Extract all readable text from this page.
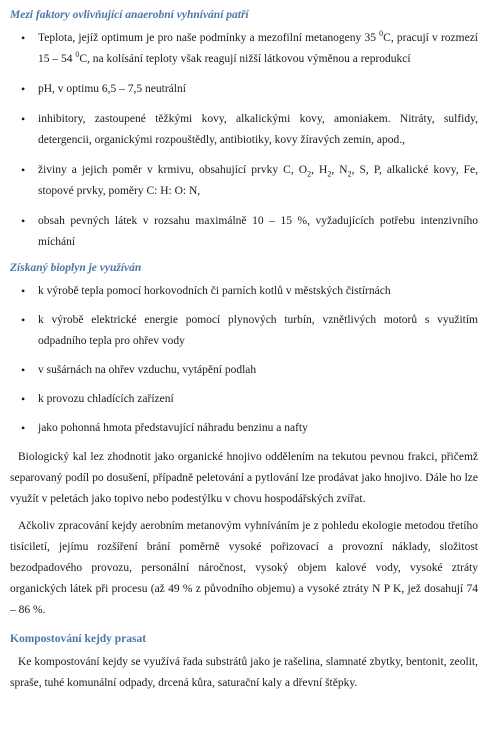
Mezi faktory ovlivňující anaerobní vyhnívání patří
• Teplota, jejíž optimum je pro naše podmínky a mezofilní metanogeny 35 $^0$C, pracují v rozmezí 15 – 54 $^0$C, na kolísání teploty však reagují nižší látkovou výměnou a reprodukcí
• pH, v optimu 6,5 – 7,5 neutrální
• inhibitory, zastoupené těžkými kovy, alkalickými kovy, amoniakem. Nitráty, sulfidy, detergencii, organickými rozpouštědly, antibiotiky, kovy žíravých zemin, apod.,
• živiny a jejich poměr v krmivu, obsahující prvky C, $O_2$, $H_2$, $N_2$, S, P, alkalické kovy, Fe, stopové prvky, poměry C: H: O: N,
• obsah pevných látek v rozsahu maximálně 10 – 15 %, vyžadujících potřebu intenzivního míchání
Získaný bioplyn je využíván
• k výrobě tepla pomocí horkovodních či parních kotlů v městských čistírnách
• k výrobě elektrické energie pomocí plynových turbín, vznětlivých motorů s využitím odpadního tepla pro ohřev vody
• v sušárnách na ohřev vzduchu, vytápění podlah
• k provozu chladících zařízení
• jako pohonná hmota představující náhradu benzinu a nafty

Biologický kal lez zhodnotit jako organické hnojivo oddělením na tekutou pevnou frakci, přičemž separovaný podíl po dosušení, případně peletování a pytlování lze prodávat jako hnojivo. Dále ho lze využít v peletách jako topivo nebo podestýlku v chovu hospodářských zvířat.

Ačkoliv zpracování kejdy aerobním metanovým vyhníváním je z pohledu ekologie metodou třetího tisíciletí, jejímu rozšíření brání poměrně vysoké pořizovací a provozní náklady, složitost bezodpadového provozu, personální náročnost, vysoký objem kalové vody, vysoké ztráty organických látek při procesu (až 49 % z původního objemu) a vysoké ztráty N P K, jež dosahují 74 – 86 %.

Kompostování kejdy prasat

Ke kompostování kejdy se využívá řada substrátů jako je rašelina, slamnaté zbytky, bentonit, zeolit, spraše, tuhé komunální odpady, drcená kůra, saturační kaly a dřevní štěpky.
